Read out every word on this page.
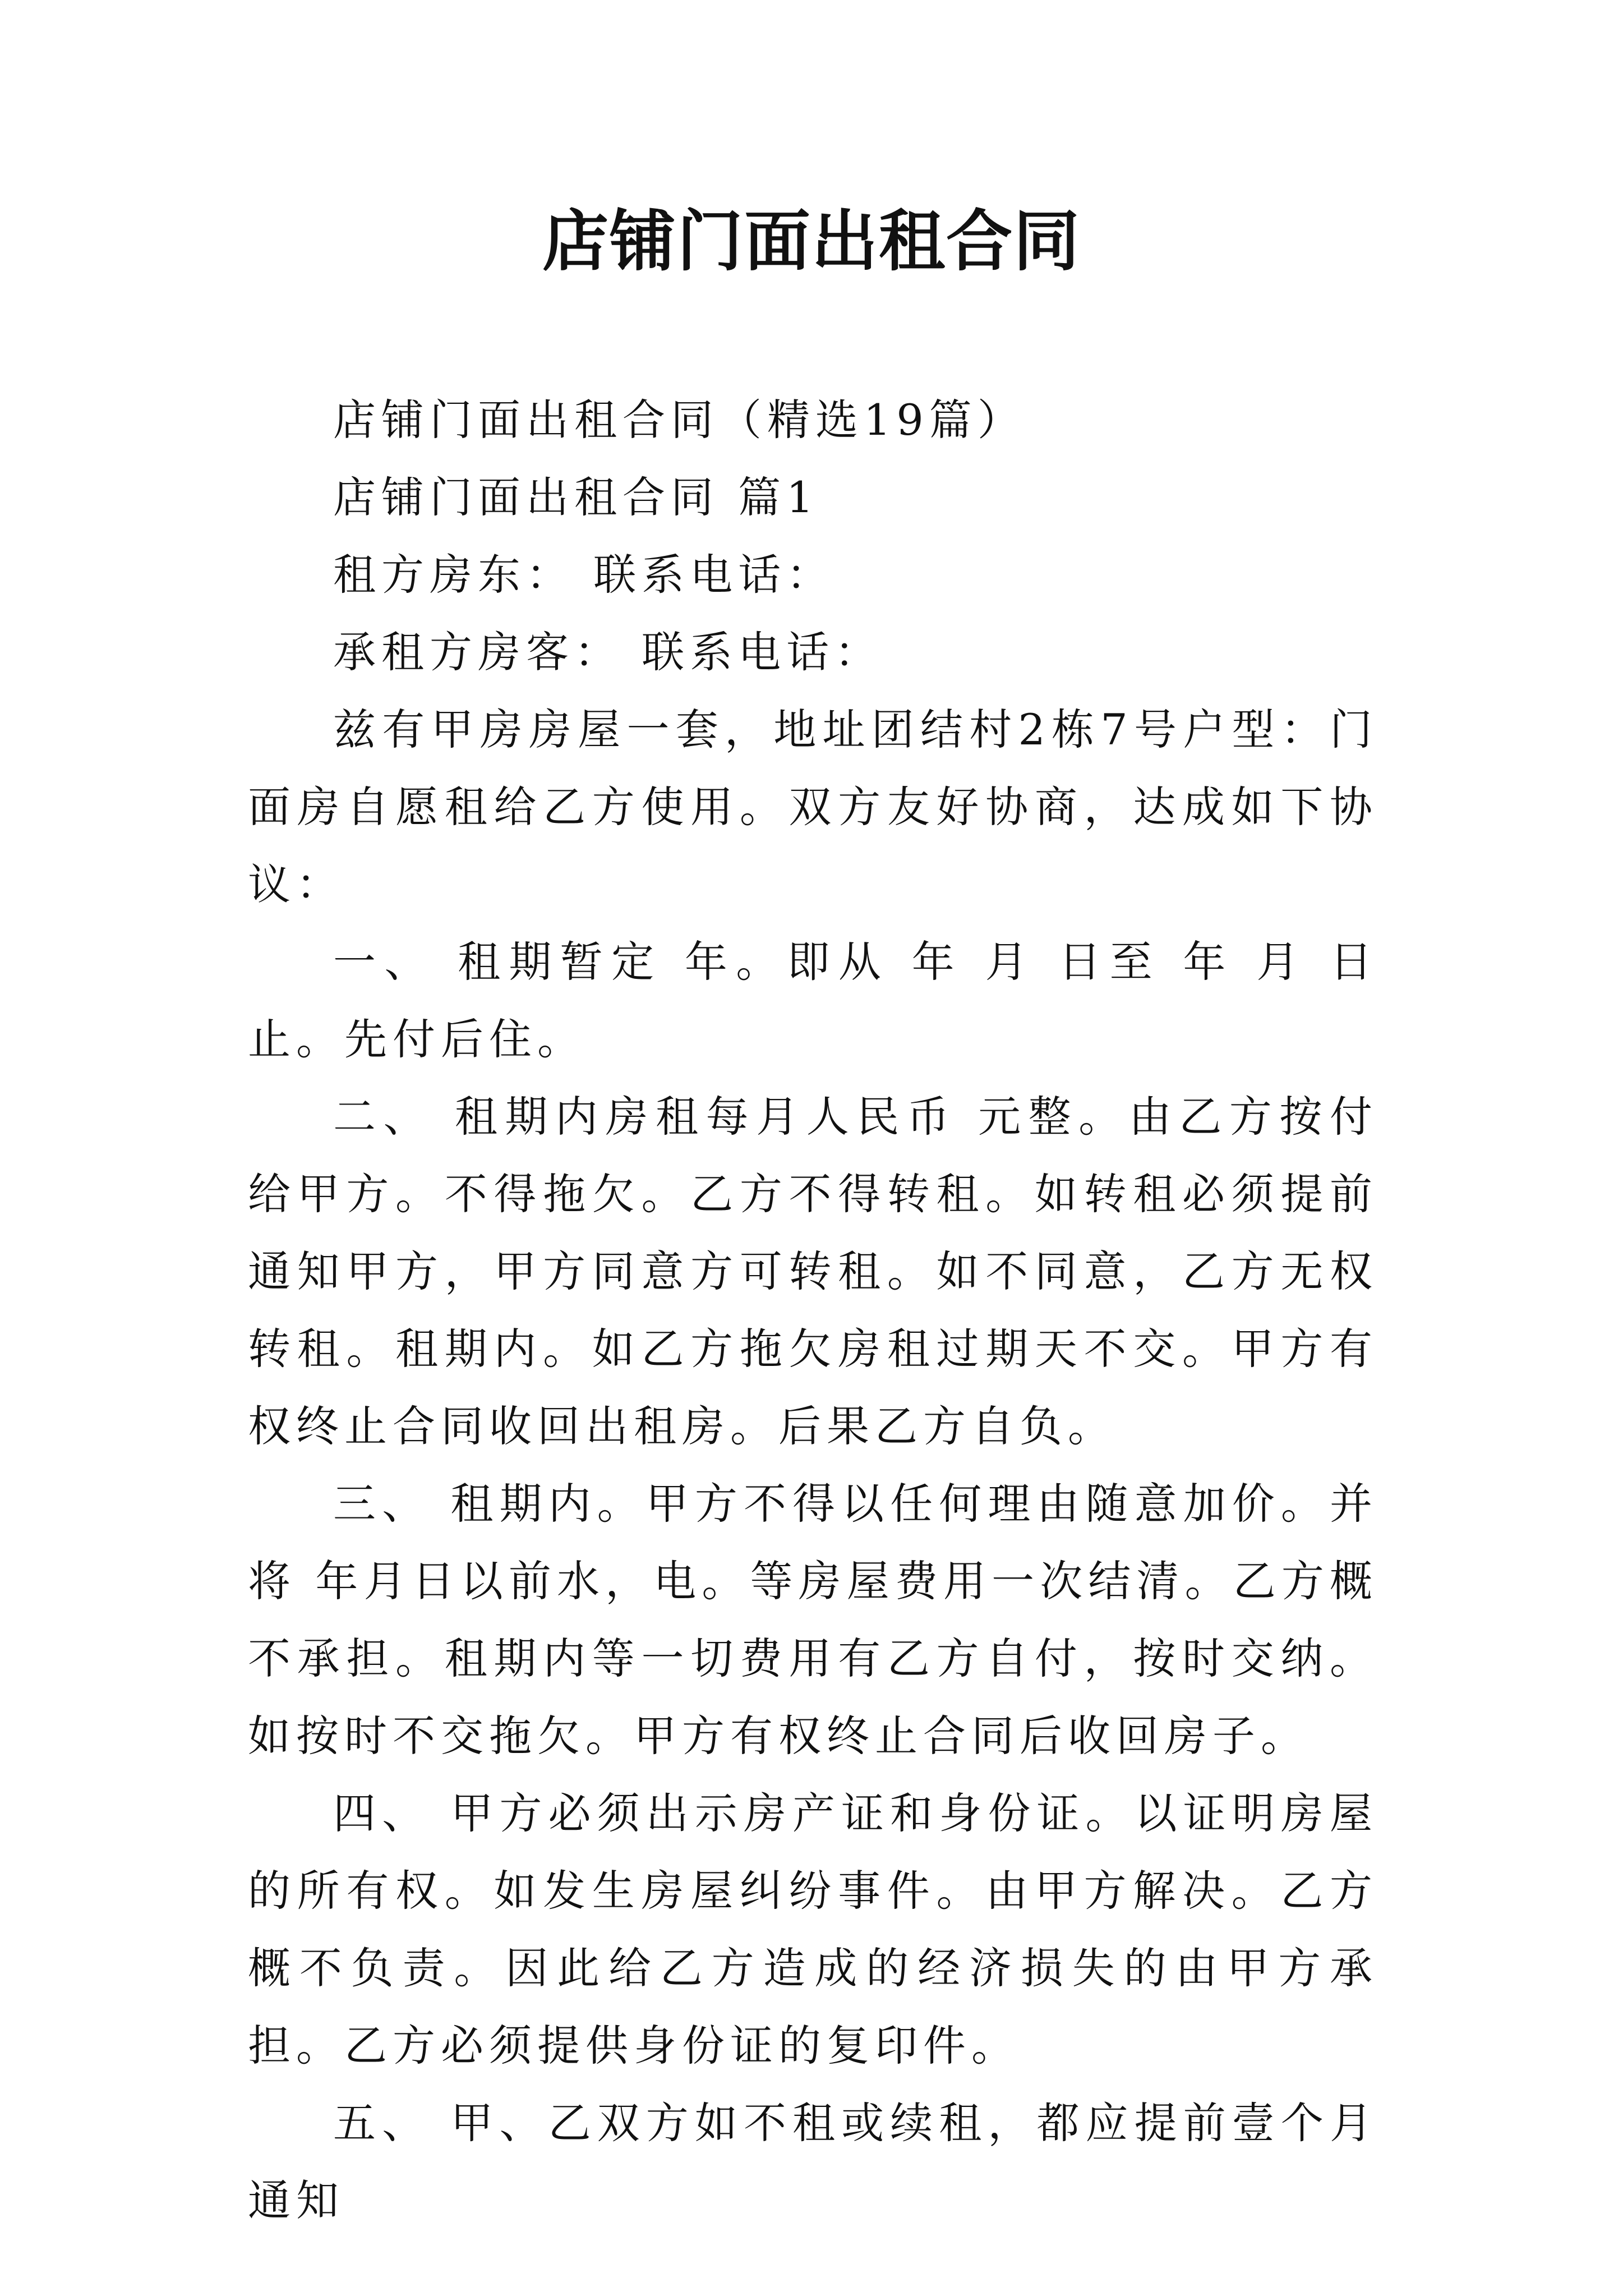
店铺门面出租合同

店铺门面出租合同（精选19篇）

店铺门面出租合同 篇1

租方房东： 联系电话：

承租方房客： 联系电话：

兹有甲房房屋一套，地址团结村2栋7号户型：门面房自愿租给乙方使用。双方友好协商，达成如下协议：

一、 租期暂定 年。即从 年 月 日至 年 月 日止。先付后住。

二、 租期内房租每月人民币 元整。由乙方按付给甲方。不得拖欠。乙方不得转租。如转租必须提前通知甲方，甲方同意方可转租。如不同意，乙方无权转租。租期内。如乙方拖欠房租过期天不交。甲方有权终止合同收回出租房。后果乙方自负。

三、 租期内。甲方不得以任何理由随意加价。并将 年月日以前水，电。等房屋费用一次结清。乙方概不承担。租期内等一切费用有乙方自付，按时交纳。如按时不交拖欠。甲方有权终止合同后收回房子。

四、 甲方必须出示房产证和身份证。以证明房屋的所有权。如发生房屋纠纷事件。由甲方解决。乙方概不负责。因此给乙方造成的经济损失的由甲方承担。乙方必须提供身份证的复印件。

五、 甲、乙双方如不租或续租，都应提前壹个月通知
